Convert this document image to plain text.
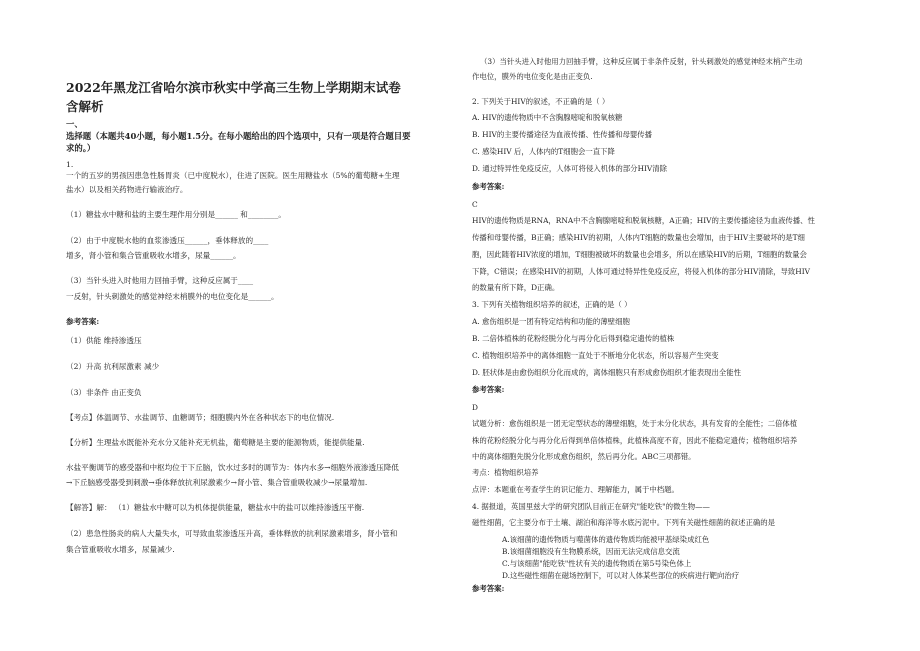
2022年黑龙江省哈尔滨市秋实中学高三生物上学期期末试卷
含解析
一、
选择题（本题共40小题，每小题1.5分。在每小题给出的四个选项中，只有一项是符合题目要
求的。）
1.
一个的五岁的男孩因患急性肠胃炎（已中度脱水），住进了医院。医生用糖盐水（5%的葡萄糖+生理
盐水）以及相关药物进行输液治疗。
（1）糖盐水中糖和盐的主要生理作用分别是______ 和________。
（2）由于中度脱水他的血浆渗透压______，垂体释放的____
增多，肾小管和集合管重吸收水增多，尿量______。
（3）当针头进入时他用力回抽手臂，这种反应属于____
一反射，针头刺激处的感觉神经末梢膜外的电位变化是______。
参考答案:
（1）供能 维持渗透压
（2）升高 抗利尿激素 减少
（3）非条件 由正变负
【考点】体温调节、水盐调节、血糖调节；细胞膜内外在各种状态下的电位情况.
【分析】生理盐水既能补充水分又能补充无机盐，葡萄糖是主要的能源物质，能提供能量.
水盐平衡调节的感受器和中枢均位于下丘脑，饮水过多时的调节为：体内水多→细胞外液渗透压降低
→下丘脑感受器受到刺激→垂体释放抗利尿激素少→肾小管、集合管重吸收减少→尿量增加.
【解答】解： （1）糖盐水中糖可以为机体提供能量，糖盐水中的盐可以维持渗透压平衡.
（2）患急性肠炎的病人大量失水，可导致血浆渗透压升高，垂体释放的抗利尿激素增多，肾小管和
集合管重吸收水增多，尿量减少.
（3）当针头进入时他用力回抽手臂，这种反应属于非条件反射，针头刺激处的感觉神经末梢产生动
作电位，膜外的电位变化是由正变负.
2. 下列关于HIV的叙述，不正确的是（ ）
A. HIV的遗传物质中不含胸腺嘧啶和脱氧核糖
B. HIV的主要传播途径为血液传播、性传播和母婴传播
C. 感染HIV 后，人体内的T细胞会一直下降
D. 通过特异性免疫反应，人体可将侵入机体的部分HIV清除
参考答案:
C
HIV的遗传物质是RNA，RNA中不含胸腺嘧啶和脱氧核糖，A正确；HIV的主要传播途径为血液传播、性
传播和母婴传播，B正确；感染HIV的初期，人体内T细胞的数量也会增加，由于HIV主要破坏的是T细
胞，因此随着HIV浓度的增加，T细胞被破坏的数量也会增多，所以在感染HIV的后期，T细胞的数量会
下降，C错误；在感染HIV的初期，人体可通过特异性免疫反应，将侵入机体的部分HIV清除，导致HIV
的数量有所下降，D正确。
3. 下列有关植物组织培养的叙述，正确的是（ ）
A. 愈伤组织是一团有特定结构和功能的薄壁细胞
B. 二倍体植株的花粉经脱分化与再分化后得到稳定遗传的植株
C. 植物组织培养中的离体细胞一直处于不断地分化状态，所以容易产生突变
D. 胚状体是由愈伤组织分化而成的，离体细胞只有形成愈伤组织才能表现出全能性
参考答案:
D
试题分析：愈伤组织是一团无定型状态的薄壁细胞，处于未分化状态，具有发育的全能性；二倍体植
株的花粉经脱分化与再分化后得到单倍体植株，此植株高度不育，因此不能稳定遗传；植物组织培养
中的离体细胞先脱分化形成愈伤组织，然后再分化。ABC三项都错。
考点：植物组织培养
点评：本题重在考查学生的识记能力、理解能力，属于中档题。
4. 据报道，英国里兹大学的研究团队目前正在研究"能吃铁"的微生物——
磁性细菌，它主要分布于土壤、湖泊和海洋等水底污泥中。下列有关磁性细菌的叙述正确的是
A.该细菌的遗传物质与噬菌体的遗传物质均能被甲基绿染成红色
B.该细菌细胞没有生物膜系统，因而无法完成信息交流
C.与该细菌"能吃铁"性状有关的遗传物质在第5号染色体上
D.这些磁性细菌在磁场控制下，可以对人体某些部位的疾病进行靶向治疗
参考答案:
